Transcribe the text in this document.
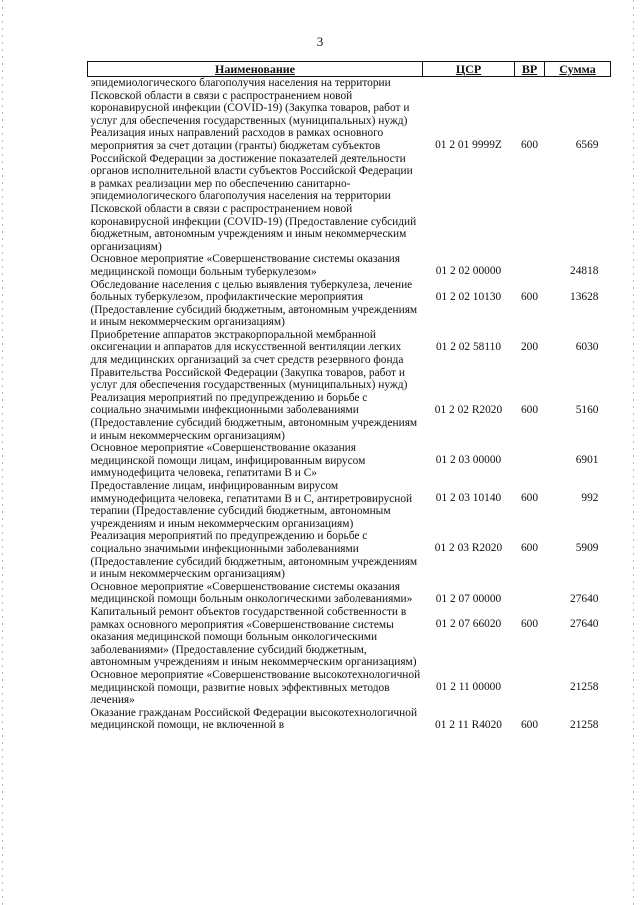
3
Наименование	ЦСР	ВР	Сумма
эпидемиологического благополучия населения на территории Псковской области в связи с распространением новой коронавирусной инфекции (COVID-19) (Закупка товаров, работ и услуг для обеспечения государственных (муниципальных) нужд)			
Реализация иных направлений расходов в рамках основного мероприятия за счет дотации (гранты) бюджетам субъектов Российской Федерации за достижение показателей деятельности органов исполнительной власти субъектов Российской Федерации в рамках реализации мер по обеспечению санитарно-эпидемиологического благополучия населения на территории Псковской области в связи с распространением новой коронавирусной инфекции (COVID-19) (Предоставление субсидий бюджетным, автономным учреждениям и иным некоммерческим организациям)	01 2 01 9999Z	600	6569
Основное мероприятие «Совершенствование системы оказания медицинской помощи больным туберкулезом»	01 2 02 00000		24818
Обследование населения с целью выявления туберкулеза, лечение больных туберкулезом, профилактические мероприятия (Предоставление субсидий бюджетным, автономным учреждениям и иным некоммерческим организациям)	01 2 02 10130	600	13628
Приобретение аппаратов экстракорпоральной мембранной оксигенации и аппаратов для искусственной вентиляции легких для медицинских организаций за счет средств резервного фонда Правительства Российской Федерации (Закупка товаров, работ и услуг для обеспечения государственных (муниципальных) нужд)	01 2 02 58110	200	6030
Реализация мероприятий по предупреждению и борьбе с социально значимыми инфекционными заболеваниями (Предоставление субсидий бюджетным, автономным учреждениям и иным некоммерческим организациям)	01 2 02 R2020	600	5160
Основное мероприятие «Совершенствование оказания медицинской помощи лицам, инфицированным вирусом иммунодефицита человека, гепатитами В и С»	01 2 03 00000		6901
Предоставление лицам, инфицированным вирусом иммунодефицита человека, гепатитами В и С, антиретровирусной терапии (Предоставление субсидий бюджетным, автономным учреждениям и иным некоммерческим организациям)	01 2 03 10140	600	992
Реализация мероприятий по предупреждению и борьбе с социально значимыми инфекционными заболеваниями (Предоставление субсидий бюджетным, автономным учреждениям и иным некоммерческим организациям)	01 2 03 R2020	600	5909
Основное мероприятие «Совершенствование системы оказания медицинской помощи больным онкологическими заболеваниями»	01 2 07 00000		27640
Капитальный ремонт объектов государственной собственности в рамках основного мероприятия «Совершенствование системы оказания медицинской помощи больным онкологическими заболеваниями» (Предоставление субсидий бюджетным, автономным учреждениям и иным некоммерческим организациям)	01 2 07 66020	600	27640
Основное мероприятие «Совершенствование высокотехнологичной медицинской помощи, развитие новых эффективных методов лечения»	01 2 11 00000		21258
Оказание гражданам Российской Федерации высокотехнологичной медицинской помощи, не включенной в	01 2 11 R4020	600	21258
